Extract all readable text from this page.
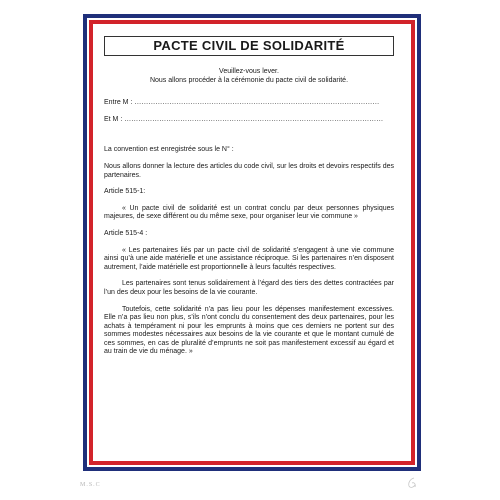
PACTE CIVIL DE SOLIDARITÉ
Veuillez-vous lever.
Nous allons procéder à la cérémonie du pacte civil de solidarité.
Entre M : ……………………………………………………………………………………………
Et M : …………………………………………………………………………………………………

La convention est enregistrée sous le N° :

Nous allons donner la lecture des articles du code civil, sur les droits et devoirs respectifs des partenaires.

Article 515-1:

« Un pacte civil de solidarité est un contrat conclu par deux personnes physiques majeures, de sexe différent ou du même sexe, pour organiser leur vie commune »

Article 515-4 :

« Les partenaires liés par un pacte civil de solidarité s’engagent à une vie commune ainsi qu’à une aide matérielle et une assistance réciproque. Si les partenaires n’en disposent autrement, l’aide matérielle est proportionnelle à leurs facultés respectives.

Les partenaires sont tenus solidairement à l’égard des tiers des dettes contractées par l’un des deux pour les besoins de la vie courante.

Toutefois, cette solidarité n’a pas lieu pour les dépenses manifestement excessives. Elle n’a pas lieu non plus, s’ils n’ont conclu du consentement des deux partenaires, pour les achats à tempérament ni pour les emprunts à moins que ces derniers ne portent sur des sommes modestes nécessaires aux besoins de la vie courante et que le montant cumulé de ces sommes, en cas de pluralité d’emprunts ne soit pas manifestement excessif au égard et au train de vie du ménage. »

M.S.C
